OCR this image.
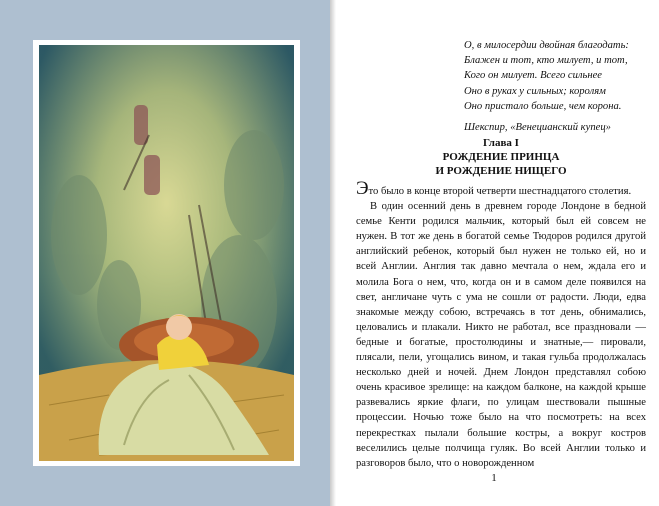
О, в милосердии двойная благодать:
Блажен и тот, кто милует, и тот,
Кого он милует. Всего сильнее
Оно в руках у сильных; королям
Оно пристало больше, чем корона.
Шекспир, «Венецианский купец»
Глава I
РОЖДЕНИЕ ПРИНЦА
И РОЖДЕНИЕ НИЩЕГО
Это было в конце второй четверти шестнадцатого столетия.
В один осенний день в древнем городе Лондоне в бедной семье Кенти родился мальчик, который был ей совсем не нужен. В тот же день в богатой семье Тюдоров родился другой английский ребенок, который был нужен не только ей, но и всей Англии. Англия так давно мечтала о нем, ждала его и молила Бога о нем, что, когда он и в самом деле появился на свет, англичане чуть с ума не сошли от радости. Люди, едва знакомые между собою, встречаясь в тот день, обнимались, целовались и плакали. Никто не работал, все праздновали — бедные и богатые, простолюдины и знатные,— пировали, плясали, пели, угощались вином, и такая гульба продолжалась несколько дней и ночей. Днем Лондон представлял собою очень красивое зрелище: на каждом балконе, на каждой крыше развевались яркие флаги, по улицам шествовали пышные процессии. Ночью тоже было на что посмотреть: на всех перекрестках пылали большие костры, а вокруг костров веселились целые полчища гуляк. Во всей Англии только и разговоров было, что о новорожденном
1
